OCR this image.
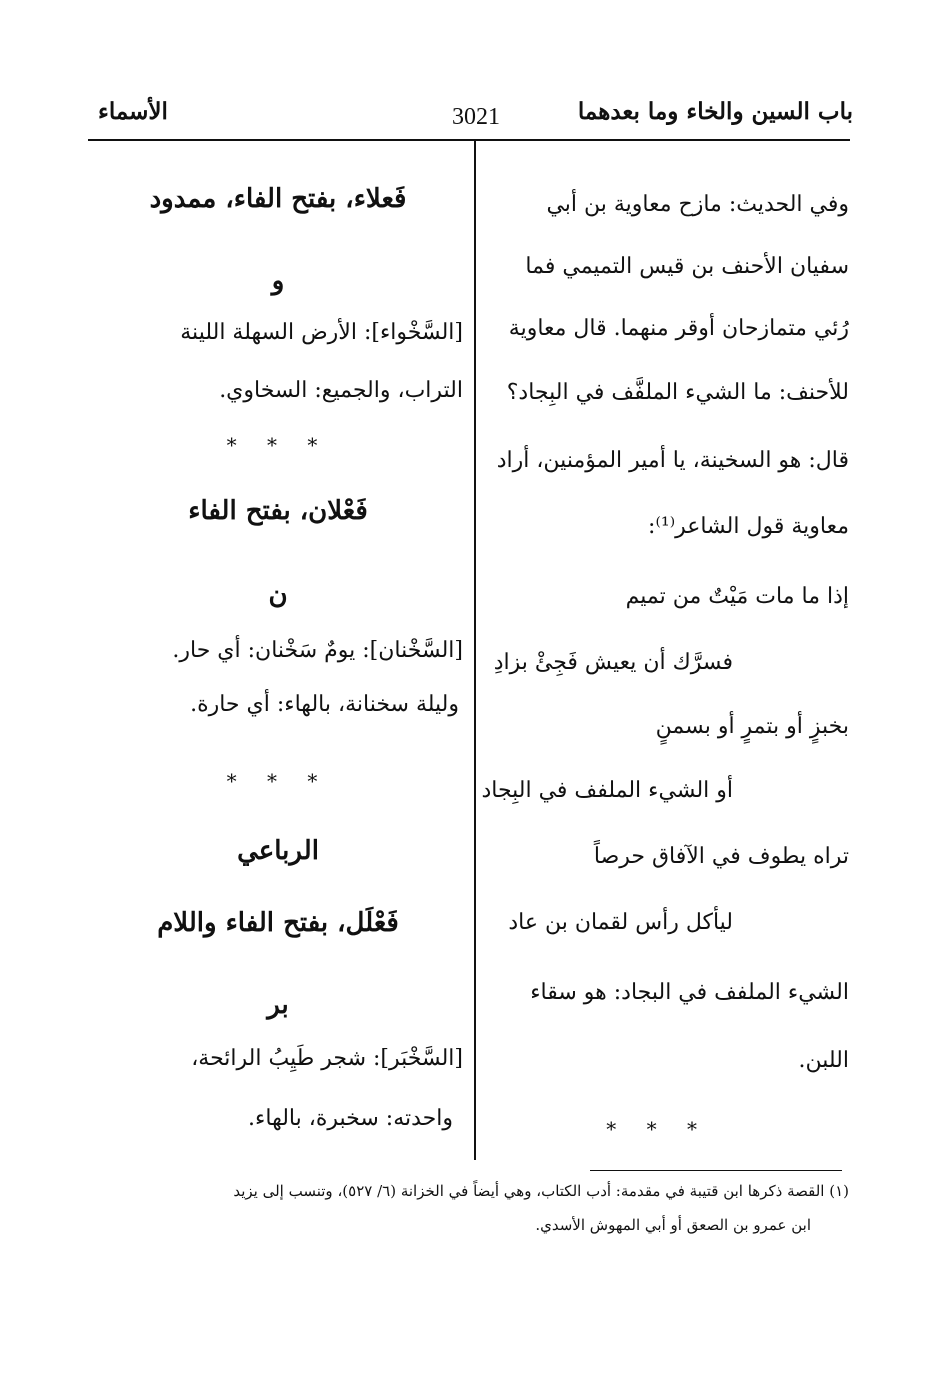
باب السين والخاء وما بعدهما
3021
الأسماء
وفي الحديث: مازح معاوية بن أبي
سفيان الأحنف بن قيس التميمي فما
رُئي متمازحان أوقر منهما. قال معاوية
للأحنف: ما الشيء الملفَّف في البِجاد؟
قال: هو السخينة، يا أمير المؤمنين، أراد
معاوية قول الشاعر⁽¹⁾:
إذا ما مات مَيْتٌ من تميم
فسرَّك أن يعيش فَجِئْ بزادِ
بخبزٍ أو بتمرٍ أو بسمنٍ
أو الشيء الملفف في البِجاد
تراه يطوف في الآفاق حرصاً
ليأكل رأس لقمان بن عاد
الشيء الملفف في البجاد: هو سقاء
اللبن.
* * *
فَعلاء، بفتح الفاء، ممدود
و
[السَّخْواء]: الأرض السهلة اللينة
التراب، والجميع: السخاوي.
* * *
فَعْلان، بفتح الفاء
ن
[السَّخْنان]: يومٌ سَخْنان: أي حار.
وليلة سخنانة، بالهاء: أي حارة.
* * *
الرباعي
فَعْلَل، بفتح الفاء واللام
بر
[السَّخْبَر]: شجر طَيِبُ الرائحة،
واحدته: سخبرة، بالهاء.
(١) القصة ذكرها ابن قتيبة في مقدمة: أدب الكتاب، وهي أيضاً في الخزانة (٦/ ٥٢٧)، وتنسب إلى يزيد
ابن عمرو بن الصعق أو أبي المهوش الأسدي.
